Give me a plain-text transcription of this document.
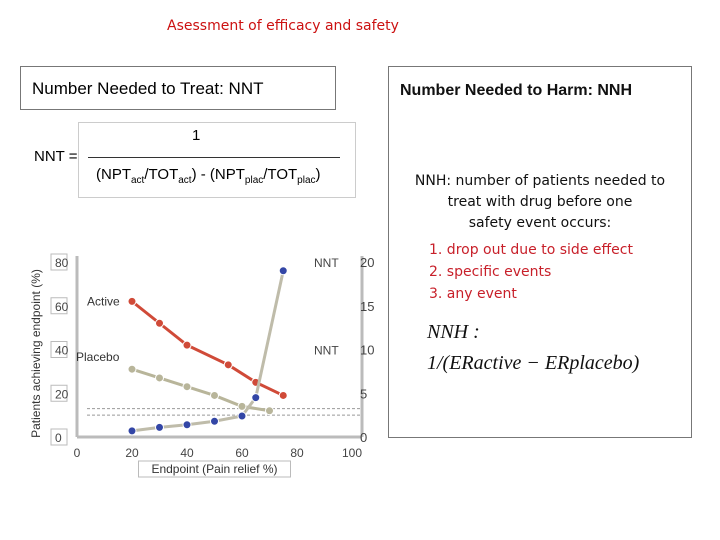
Asessment of efficacy and safety
Number Needed to Treat: NNT
NNT =
1
$(NPT_{act}/TOT_{act}) - (NPT_{plac}/TOT_{plac})$
Number Needed to Harm: NNH
NNH: number of patients needed to
treat with drug before one
safety event occurs:
1. drop out due to side effect
2. specific events
3. any event
NNH :
1/(ERactive − ERplacebo)
0
20
40
60
80
0
5
10
15
20
0	20	40	60	80	100
Endpoint (Pain relief %)
Patients achieving endpoint (%)	Active
Placebo
NNT
NNT
